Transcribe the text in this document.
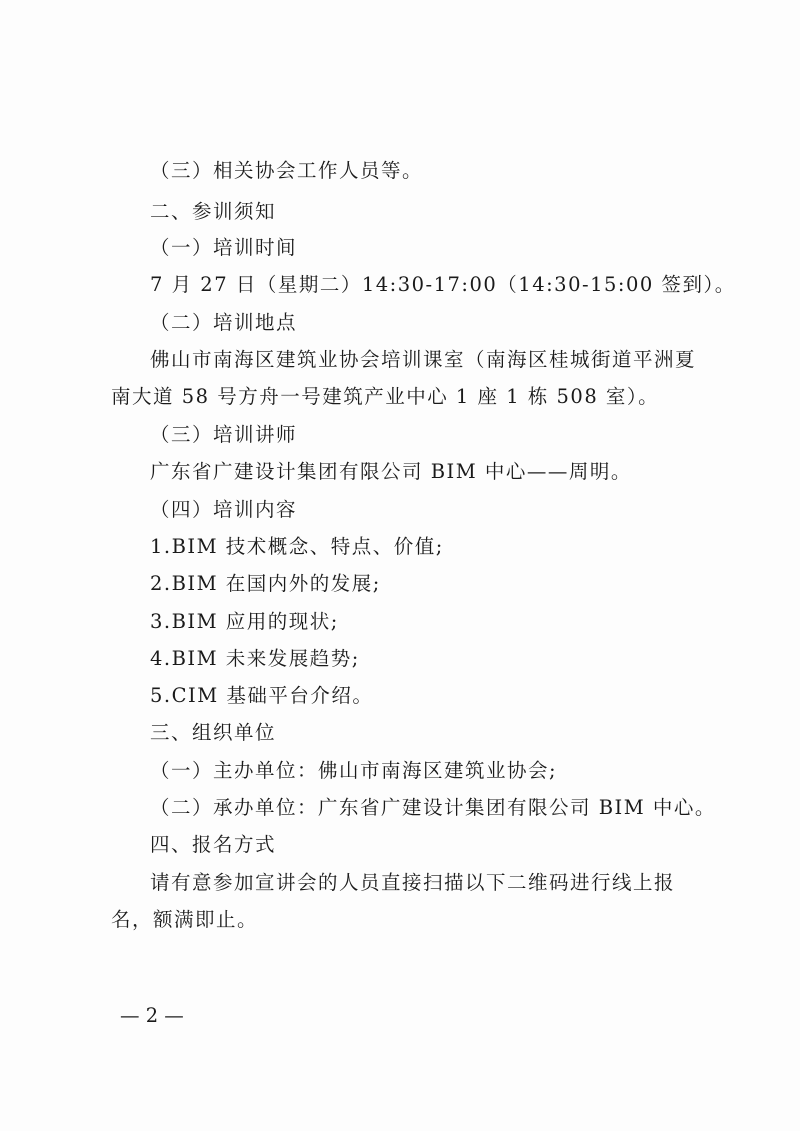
（三）相关协会工作人员等。
二、参训须知
（一）培训时间
7 月 27 日（星期二）14:30-17:00（14:30-15:00 签到）。
（二）培训地点
佛山市南海区建筑业协会培训课室（南海区桂城街道平洲夏
南大道 58 号方舟一号建筑产业中心 1 座 1 栋 508 室）。
（三）培训讲师
广东省广建设计集团有限公司 BIM 中心——周明。
（四）培训内容
1.BIM 技术概念、特点、价值;
2.BIM 在国内外的发展;
3.BIM 应用的现状;
4.BIM 未来发展趋势;
5.CIM 基础平台介绍。
三、组织单位
（一）主办单位：佛山市南海区建筑业协会;
（二）承办单位：广东省广建设计集团有限公司 BIM 中心。
四、报名方式
请有意参加宣讲会的人员直接扫描以下二维码进行线上报
名，额满即止。
— 2 —
